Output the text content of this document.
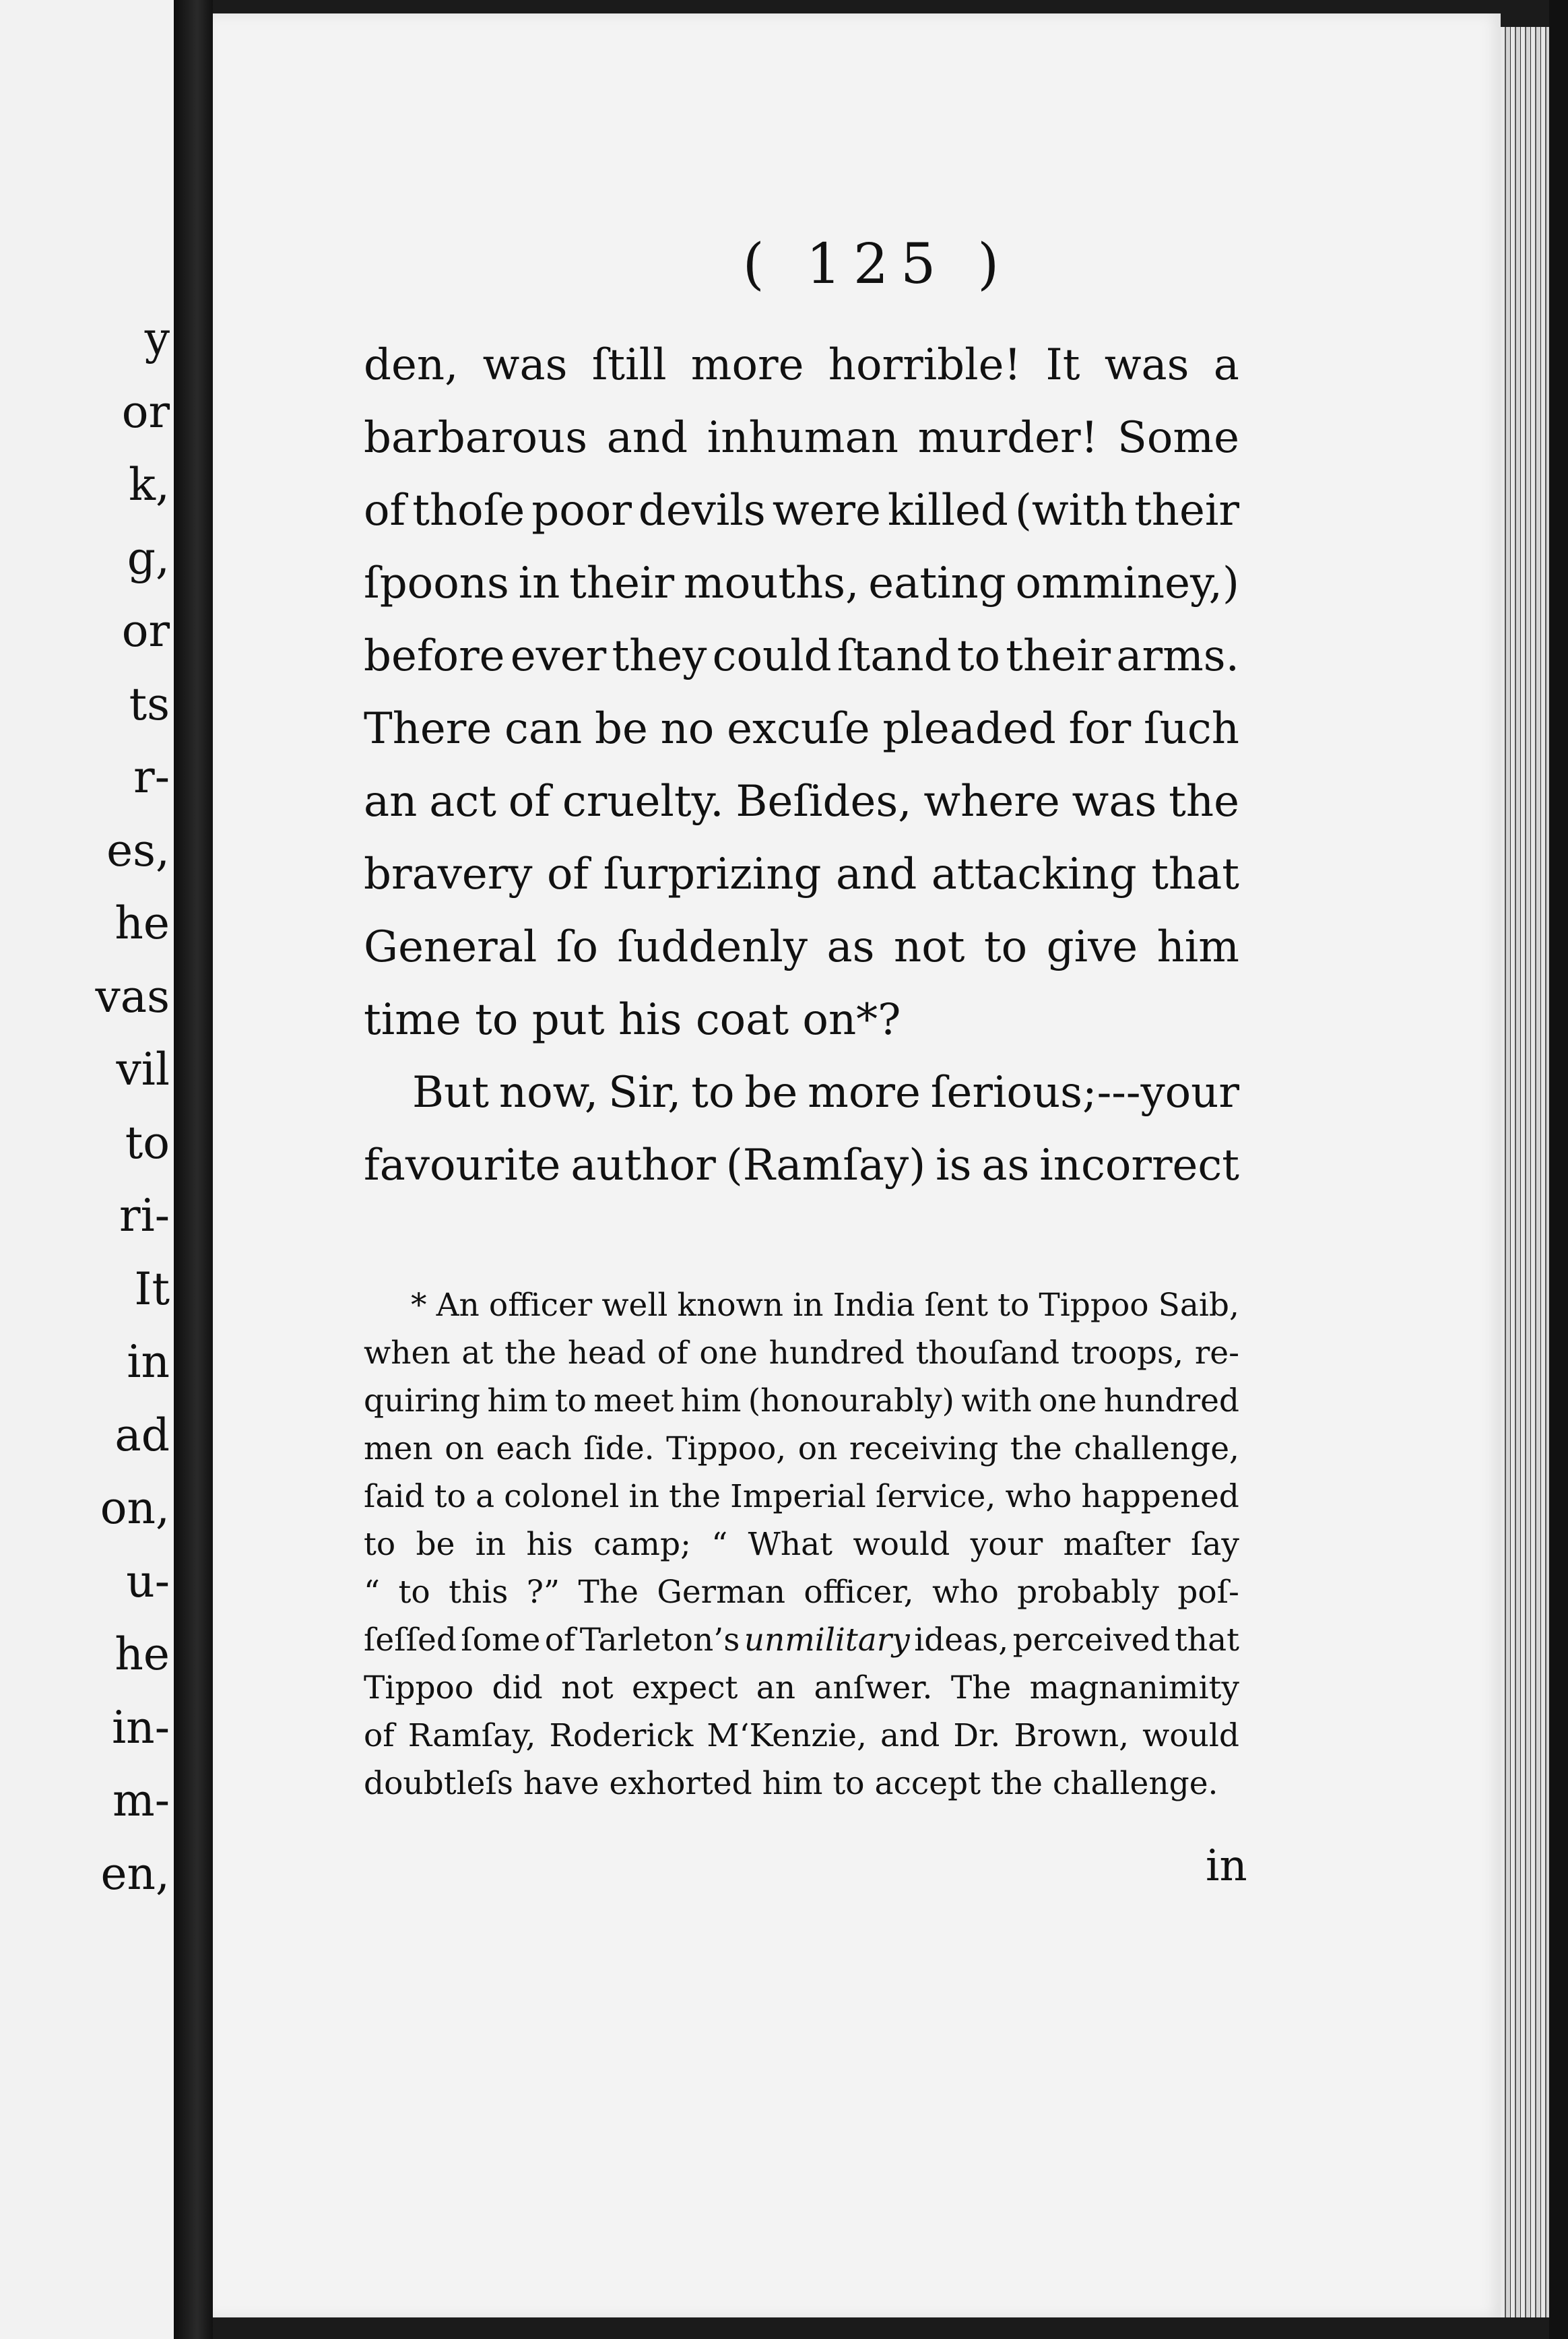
y
or
k,
g,
or
ts
r-
es,
he
vas
vil
to
ri-
It
in
ad
on,
u-
he
in-
m-
en,
( 125 )
den, was ſtill more horrible! It was a
barbarous and inhuman murder! Some
of thoſe poor devils were killed (with their
ſpoons in their mouths, eating omminey,)
before ever they could ſtand to their arms.
There can be no excuſe pleaded for ſuch
an act of cruelty. Beſides, where was the
bravery of ſurprizing and attacking that
General ſo ſuddenly as not to give him
time to put his coat on*?
But now, Sir, to be more ſerious;---your
favourite author (Ramſay) is as incorrect
* An officer well known in India ſent to Tippoo Saib,
when at the head of one hundred thouſand troops, re-
quiring him to meet him (honourably) with one hundred
men on each ſide. Tippoo, on receiving the challenge,
ſaid to a colonel in the Imperial ſervice, who happened
to be in his camp; “ What would your maſter ſay
“ to this ?” The German officer, who probably poſ-
ſeſſed ſome of Tarleton’s unmilitary ideas, perceived that
Tippoo did not expect an anſwer. The magnanimity
of Ramſay, Roderick M‘Kenzie, and Dr. Brown, would
doubtleſs have exhorted him to accept the challenge.
in
